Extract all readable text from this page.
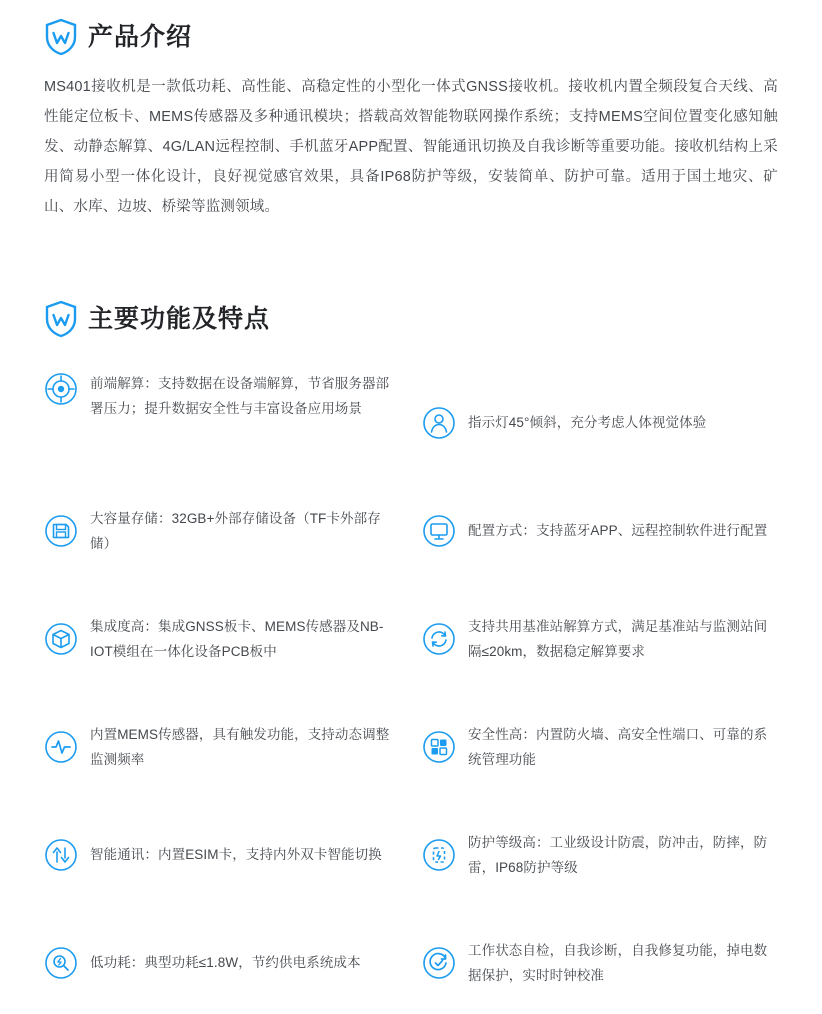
产品介绍

MS401接收机是一款低功耗、高性能、高稳定性的小型化一体式GNSS接收机。接收机内置全频段复合天线、高性能定位板卡、MEMS传感器及多种通讯模块；搭载高效智能物联网操作系统；支持MEMS空间位置变化感知触发、动静态解算、4G/LAN远程控制、手机蓝牙APP配置、智能通讯切换及自我诊断等重要功能。接收机结构上采用简易小型一体化设计，良好视觉感官效果，具备IP68防护等级，安装简单、防护可靠。适用于国土地灾、矿山、水库、边坡、桥梁等监测领域。

主要功能及特点
前端解算：支持数据在设备端解算，节省服务器部署压力；提升数据安全性与丰富设备应用场景
指示灯45°倾斜，充分考虑人体视觉体验
大容量存储：32GB+外部存储设备（TF卡外部存储）
配置方式：支持蓝牙APP、远程控制软件进行配置
集成度高：集成GNSS板卡、MEMS传感器及NB-IOT模组在一体化设备PCB板中
支持共用基准站解算方式，满足基准站与监测站间隔≤20km，数据稳定解算要求
内置MEMS传感器，具有触发功能，支持动态调整监测频率
安全性高：内置防火墙、高安全性端口、可靠的系统管理功能
智能通讯：内置ESIM卡，支持内外双卡智能切换
防护等级高：工业级设计防震，防冲击，防摔，防雷，IP68防护等级
低功耗：典型功耗≤1.8W，节约供电系统成本
工作状态自检，自我诊断，自我修复功能，掉电数据保护，实时时钟校准
